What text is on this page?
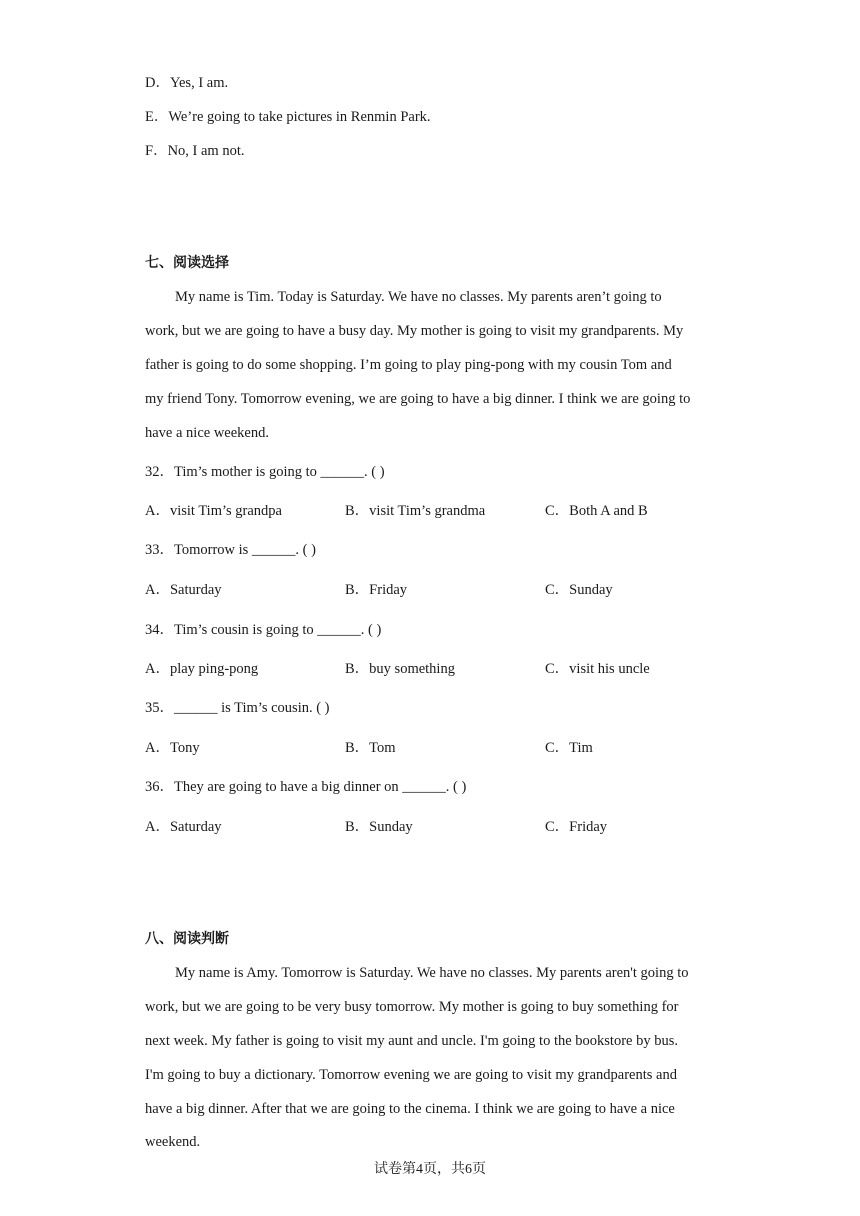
D．Yes, I am.
E．We’re going to take pictures in Renmin Park.
F．No, I am not.
七、阅读选择
My name is Tim. Today is Saturday. We have no classes. My parents aren’t going to
work, but we are going to have a busy day. My mother is going to visit my grandparents. My
father is going to do some shopping. I’m going to play ping-pong with my cousin Tom and
my friend Tony. Tomorrow evening, we are going to have a big dinner. I think we are going to
have a nice weekend.
32．Tim’s mother is going to ______. ( )
A．visit Tim’s grandpa	B．visit Tim’s grandma	C．Both A and B
33．Tomorrow is ______. ( )
A．Saturday	B．Friday	C．Sunday
34．Tim’s cousin is going to ______. ( )
A．play ping-pong	B．buy something	C．visit his uncle
35．______ is Tim’s cousin. ( )
A．Tony	B．Tom	C．Tim
36．They are going to have a big dinner on ______. ( )
A．Saturday	B．Sunday	C．Friday
八、阅读判断
My name is Amy. Tomorrow is Saturday. We have no classes. My parents aren't going to
work, but we are going to be very busy tomorrow. My mother is going to buy something for
next week. My father is going to visit my aunt and uncle. I'm going to the bookstore by bus.
I'm going to buy a dictionary. Tomorrow evening we are going to visit my grandparents and
have a big dinner. After that we are going to the cinema. I think we are going to have a nice
weekend.
试卷第4页，共6页
